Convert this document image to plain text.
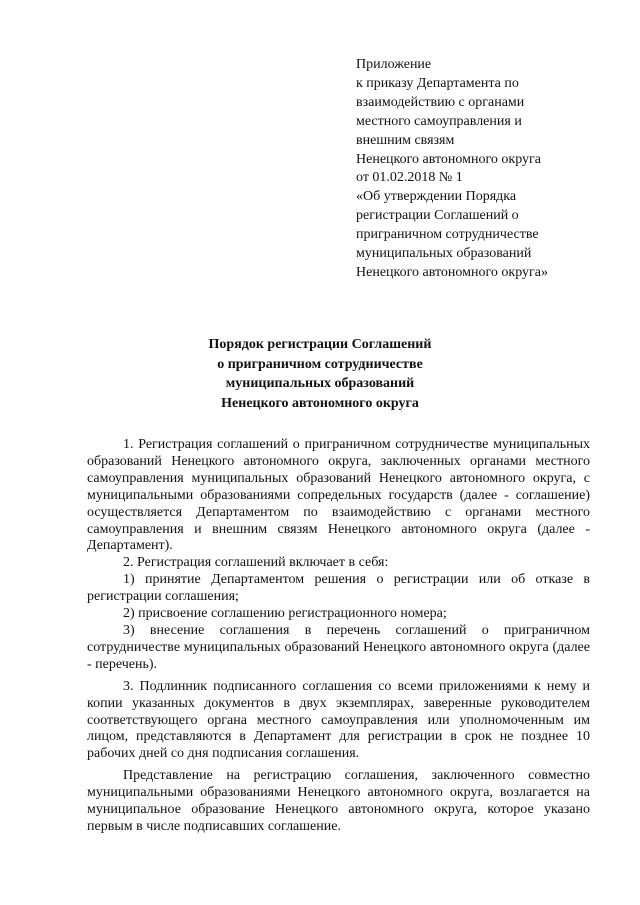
Приложение
к приказу Департамента по
взаимодействию с органами
местного самоуправления и
внешним связям
Ненецкого автономного округа
от 01.02.2018 № 1
«Об утверждении Порядка
регистрации Соглашений о
приграничном сотрудничестве
муниципальных образований
Ненецкого автономного округа»
Порядок регистрации Соглашений
о приграничном сотрудничестве
муниципальных образований
Ненецкого автономного округа

1. Регистрация соглашений о приграничном сотрудничестве муниципальных образований Ненецкого автономного округа, заключенных органами местного самоуправления муниципальных образований Ненецкого автономного округа, с муниципальными образованиями сопредельных государств (далее - соглашение) осуществляется Департаментом по взаимодействию с органами местного самоуправления и внешним связям Ненецкого автономного округа (далее - Департамент).

2. Регистрация соглашений включает в себя:

1) принятие Департаментом решения о регистрации или об отказе в регистрации соглашения;

2) присвоение соглашению регистрационного номера;

3) внесение соглашения в перечень соглашений о приграничном сотрудничестве муниципальных образований Ненецкого автономного округа (далее - перечень).

3. Подлинник подписанного соглашения со всеми приложениями к нему и копии указанных документов в двух экземплярах, заверенные руководителем соответствующего органа местного самоуправления или уполномоченным им лицом, представляются в Департамент для регистрации в срок не позднее 10 рабочих дней со дня подписания соглашения.

Представление на регистрацию соглашения, заключенного совместно муниципальными образованиями Ненецкого автономного округа, возлагается на муниципальное образование Ненецкого автономного округа, которое указано первым в числе подписавших соглашение.
